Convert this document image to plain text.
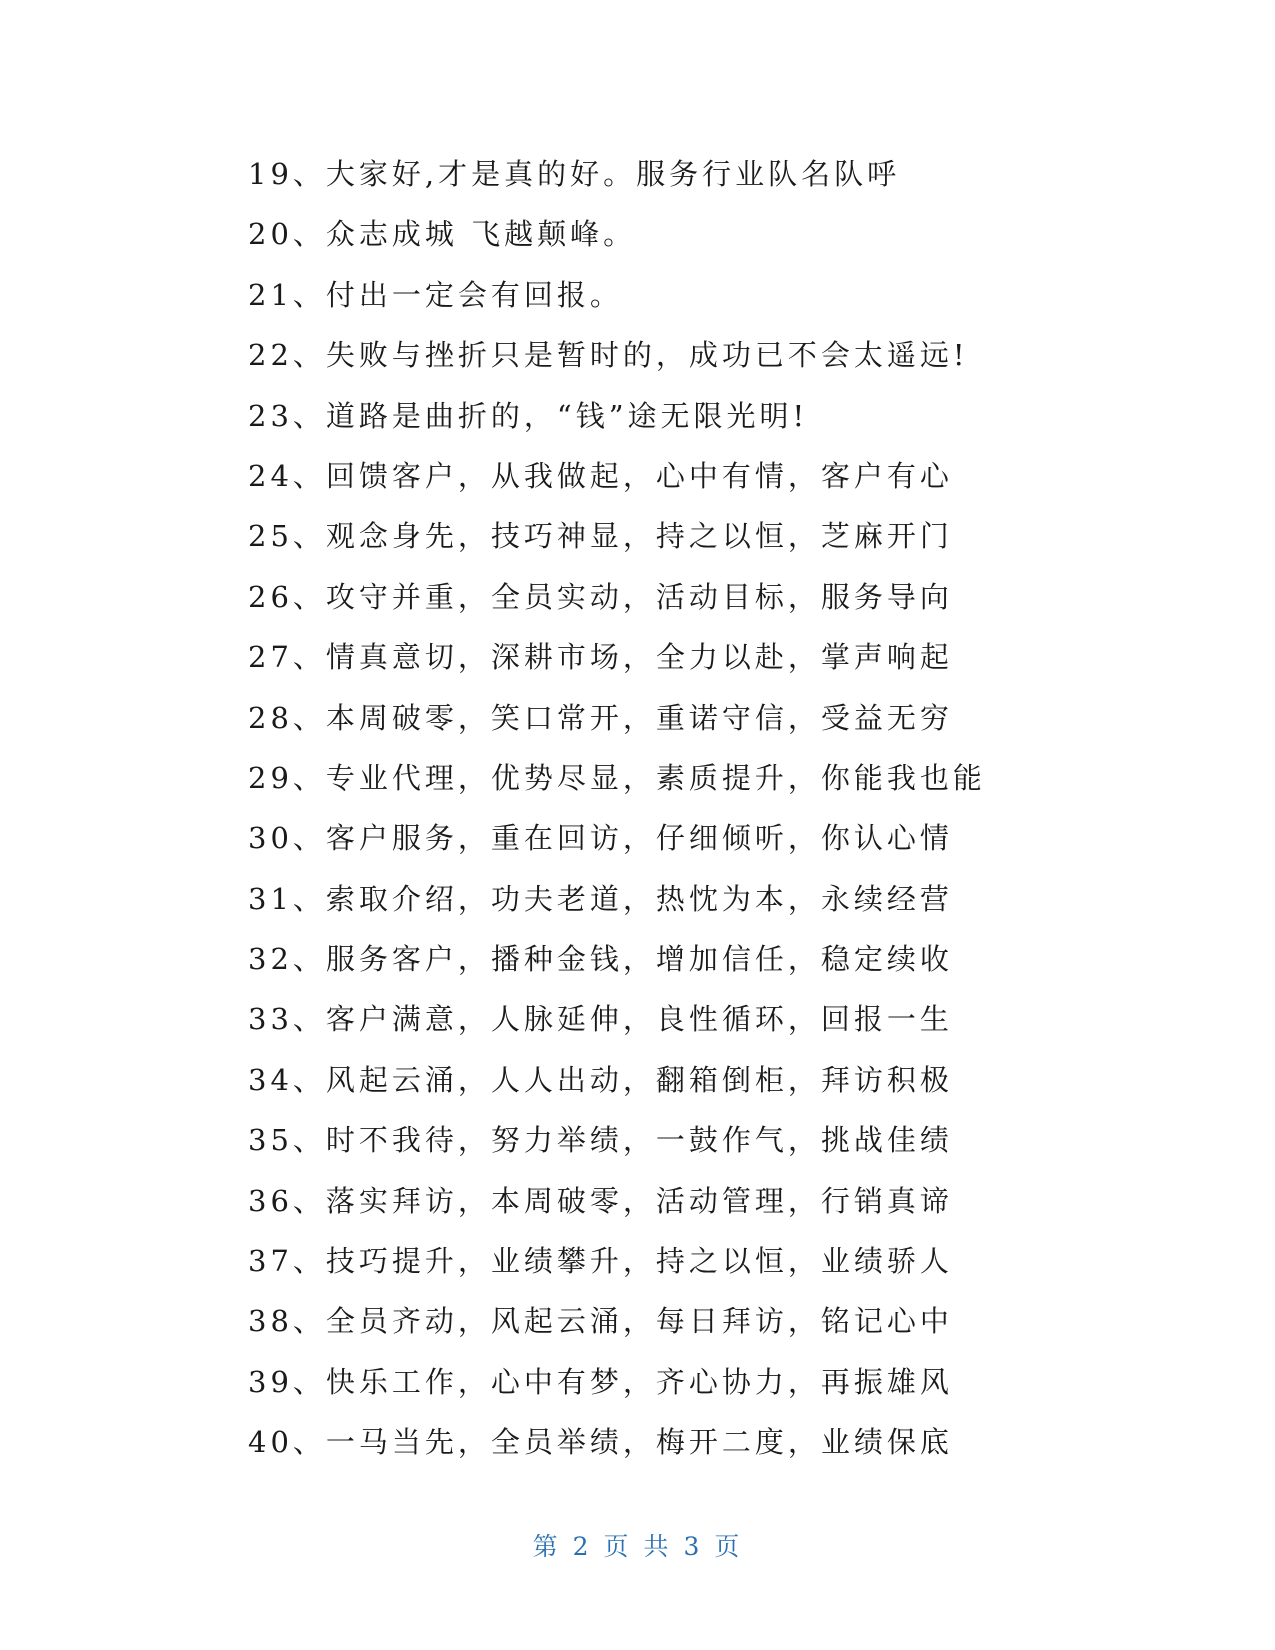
19、大家好,才是真的好。服务行业队名队呼
20、众志成城 飞越颠峰。
21、付出一定会有回报。
22、失败与挫折只是暂时的，成功已不会太遥远!
23、道路是曲折的，“钱”途无限光明!
24、回馈客户，从我做起，心中有情，客户有心
25、观念身先，技巧神显，持之以恒，芝麻开门
26、攻守并重，全员实动，活动目标，服务导向
27、情真意切，深耕市场，全力以赴，掌声响起
28、本周破零，笑口常开，重诺守信，受益无穷
29、专业代理，优势尽显，素质提升，你能我也能
30、客户服务，重在回访，仔细倾听，你认心情
31、索取介绍，功夫老道，热忱为本，永续经营
32、服务客户，播种金钱，增加信任，稳定续收
33、客户满意，人脉延伸，良性循环，回报一生
34、风起云涌，人人出动，翻箱倒柜，拜访积极
35、时不我待，努力举绩，一鼓作气，挑战佳绩
36、落实拜访，本周破零，活动管理，行销真谛
37、技巧提升，业绩攀升，持之以恒，业绩骄人
38、全员齐动，风起云涌，每日拜访，铭记心中
39、快乐工作，心中有梦，齐心协力，再振雄风
40、一马当先，全员举绩，梅开二度，业绩保底
第 2 页 共 3 页
